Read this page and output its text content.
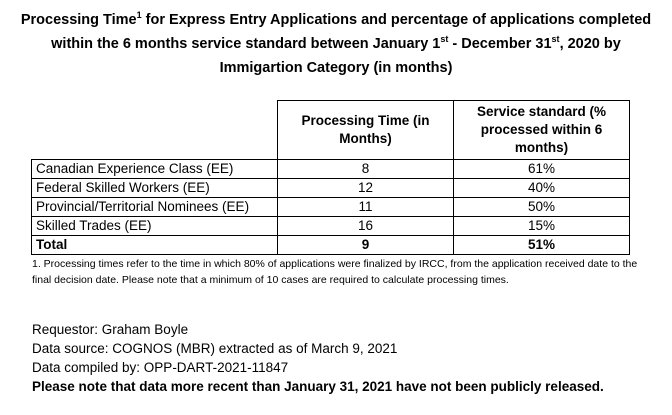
Processing Time$^1$ for Express Entry Applications and percentage of applications completed within the 6 months service standard between January 1st - December 31st, 2020 by Immigartion Category (in months)
	Processing Time (in Months)	Service standard (% processed within 6 months)
Canadian Experience Class (EE)	8	61%
Federal Skilled Workers (EE)	12	40%
Provincial/Territorial Nominees (EE)	11	50%
Skilled Trades (EE)	16	15%
Total	9	51%
1. Processing times refer to the time in which 80% of applications were finalized by IRCC, from the application received date to the final decision date. Please note that a minimum of 10 cases are required to calculate processing times.
Requestor: Graham Boyle
Data source: COGNOS (MBR) extracted as of March 9, 2021
Data compiled by: OPP-DART-2021-11847
Please note that data more recent than January 31, 2021 have not been publicly released.
